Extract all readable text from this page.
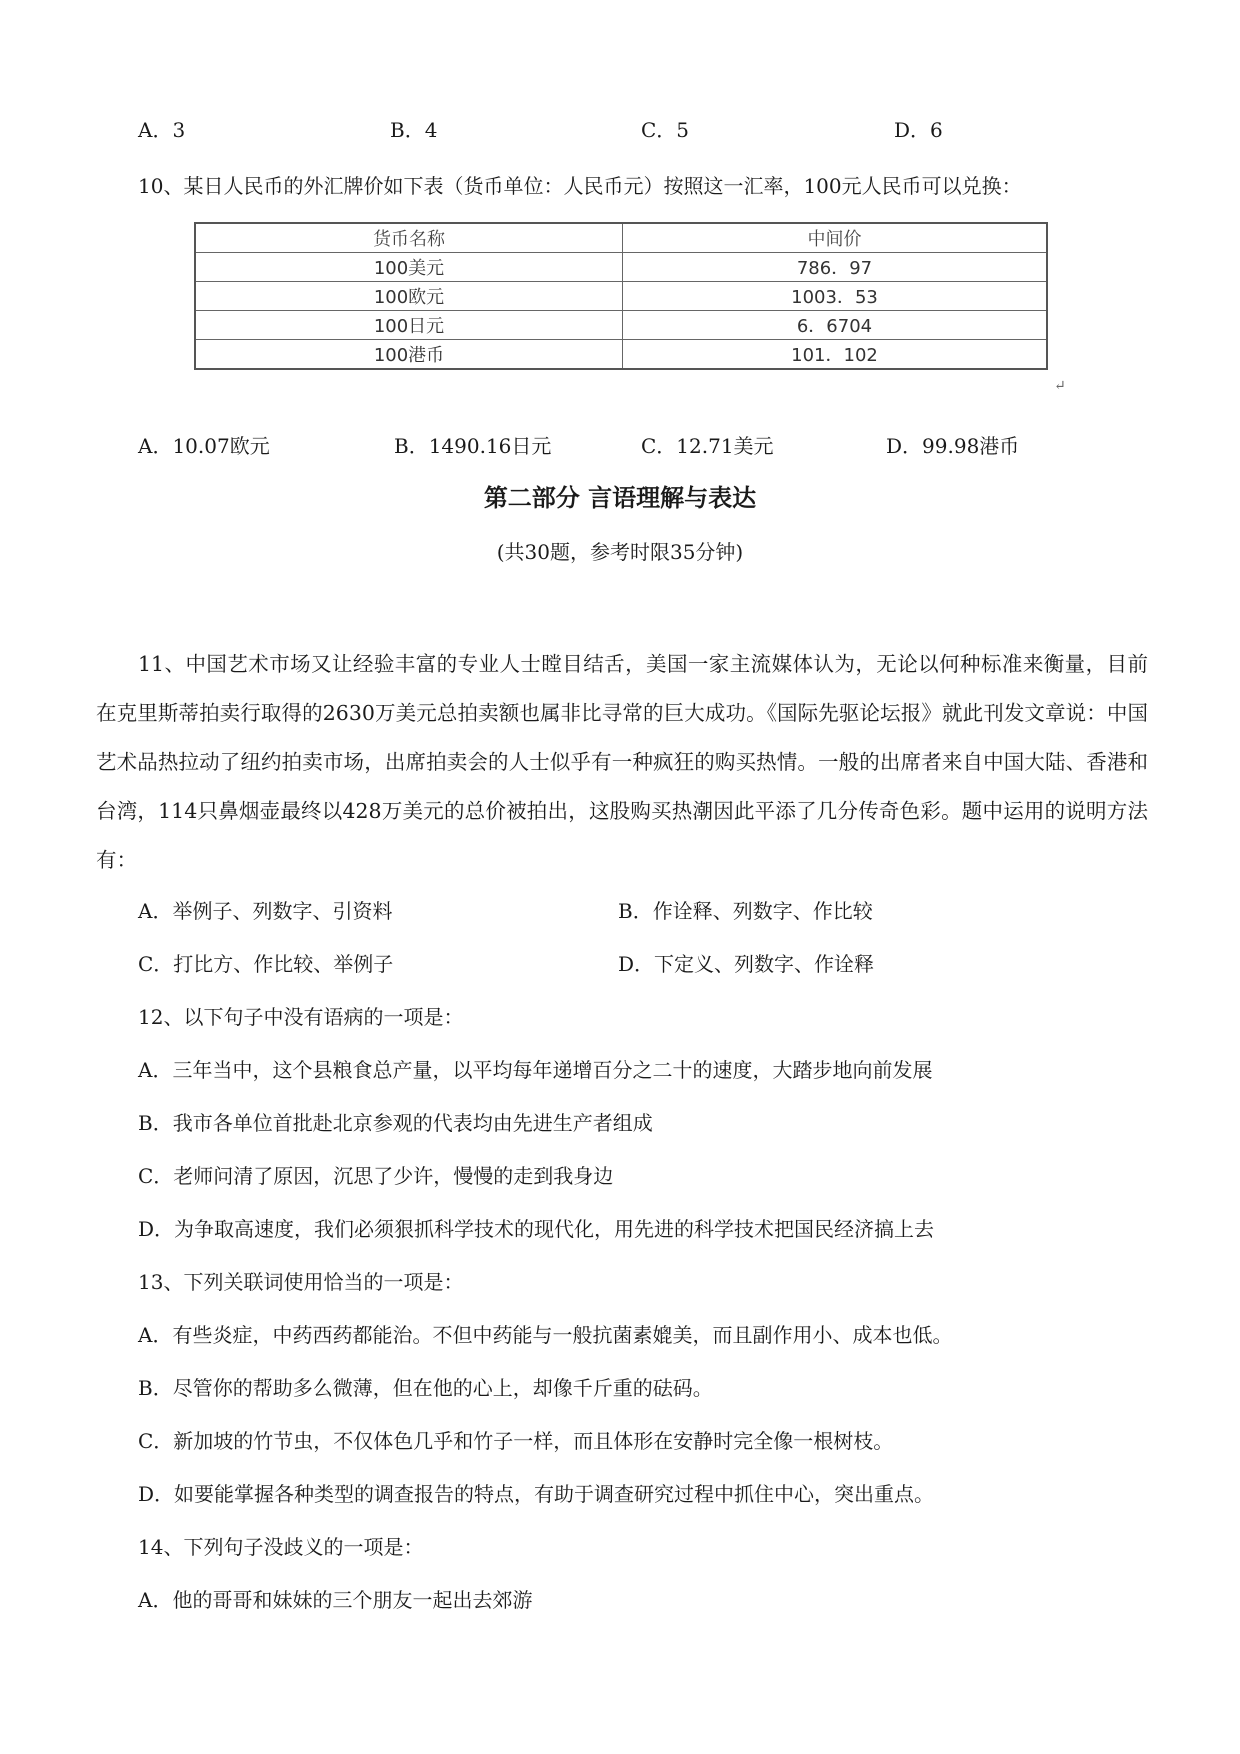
A．3	B．4	C．5	D．6
10、某日人民币的外汇牌价如下表（货币单位：人民币元）按照这一汇率，100元人民币可以兑换：
货币名称	中间价
100美元	786．97
100欧元	1003．53
100日元	6．6704
100港币	101．102
↵
A．10.07欧元	B．1490.16日元	C．12.71美元	D．99.98港币
第二部分 言语理解与表达
(共30题，参考时限35分钟)
11、中国艺术市场又让经验丰富的专业人士瞠目结舌，美国一家主流媒体认为，无论以何种标准来衡量，目前在克里斯蒂拍卖行取得的2630万美元总拍卖额也属非比寻常的巨大成功。《国际先驱论坛报》就此刊发文章说：中国艺术品热拉动了纽约拍卖市场，出席拍卖会的人士似乎有一种疯狂的购买热情。一般的出席者来自中国大陆、香港和台湾，114只鼻烟壶最终以428万美元的总价被拍出，这股购买热潮因此平添了几分传奇色彩。题中运用的说明方法有：
A．举例子、列数字、引资料	B．作诠释、列数字、作比较
C．打比方、作比较、举例子	D．下定义、列数字、作诠释
12、以下句子中没有语病的一项是：
A．三年当中，这个县粮食总产量，以平均每年递增百分之二十的速度，大踏步地向前发展
B．我市各单位首批赴北京参观的代表均由先进生产者组成
C．老师问清了原因，沉思了少许，慢慢的走到我身边
D．为争取高速度，我们必须狠抓科学技术的现代化，用先进的科学技术把国民经济搞上去
13、下列关联词使用恰当的一项是：
A．有些炎症，中药西药都能治。不但中药能与一般抗菌素媲美，而且副作用小、成本也低。
B．尽管你的帮助多么微薄，但在他的心上，却像千斤重的砝码。
C．新加坡的竹节虫，不仅体色几乎和竹子一样，而且体形在安静时完全像一根树枝。
D．如要能掌握各种类型的调查报告的特点，有助于调查研究过程中抓住中心，突出重点。
14、下列句子没歧义的一项是：
A．他的哥哥和妹妹的三个朋友一起出去郊游
